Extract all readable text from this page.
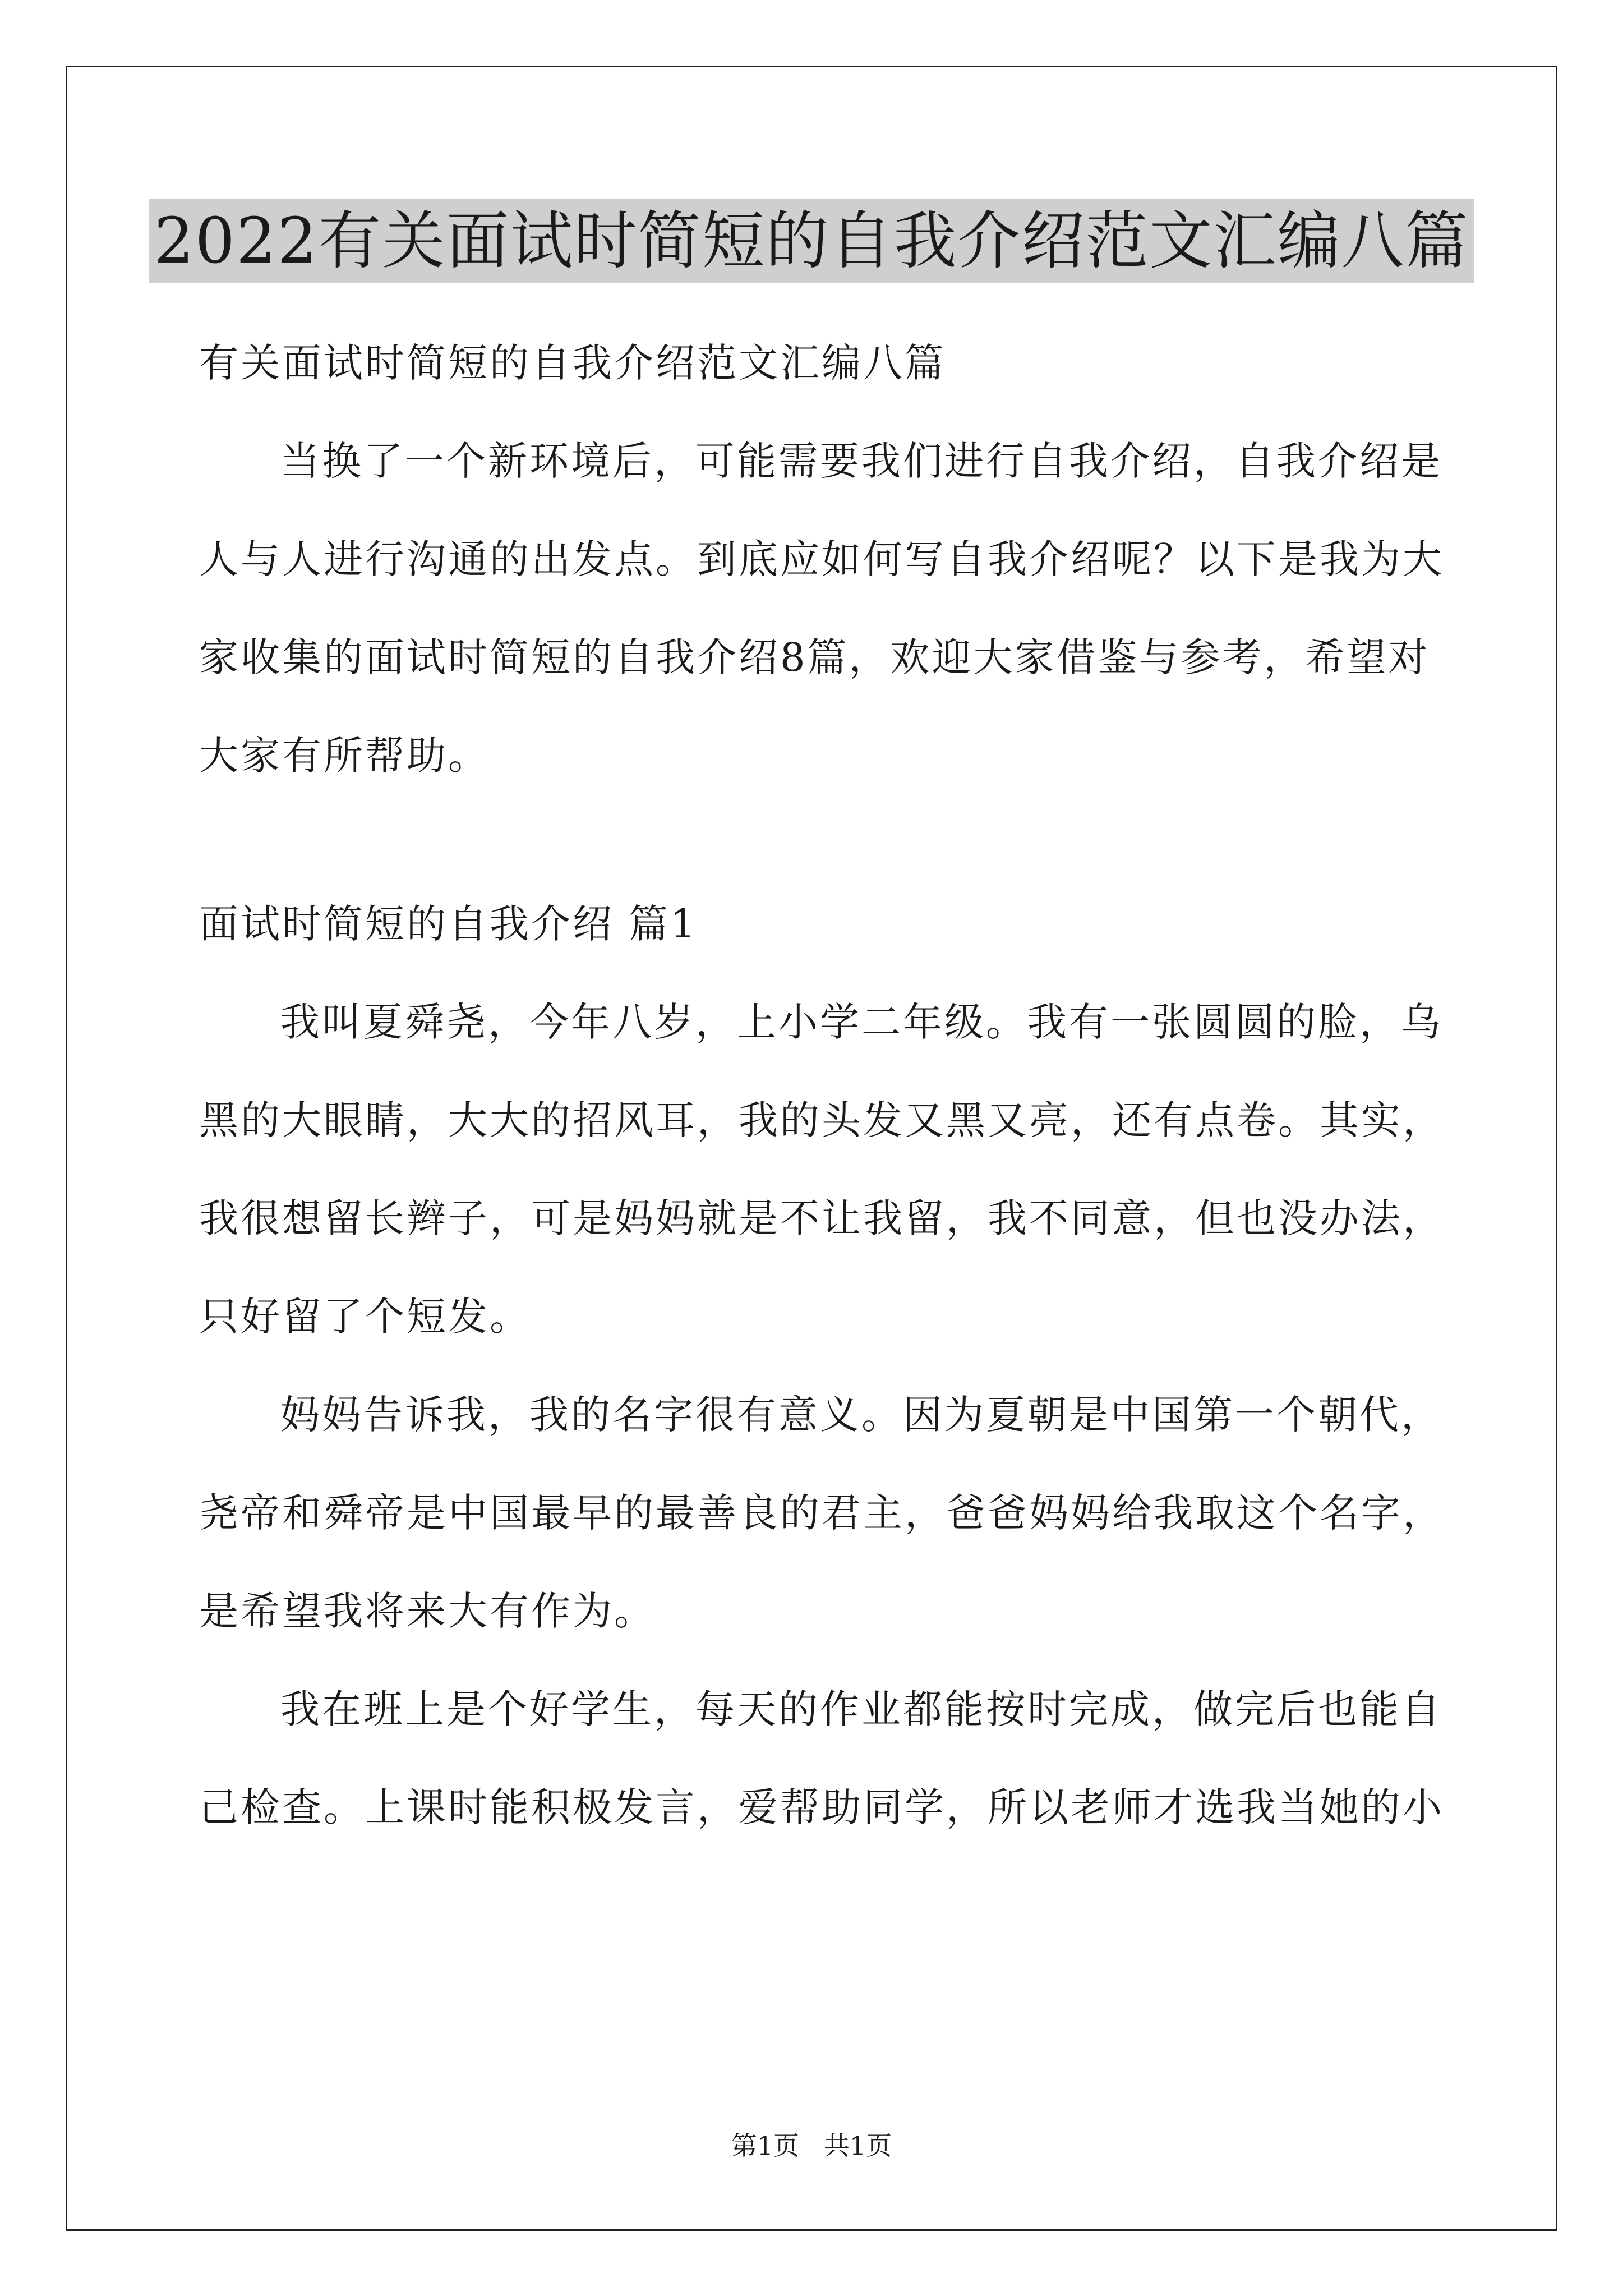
2022有关面试时简短的自我介绍范文汇编八篇
有关面试时简短的自我介绍范文汇编八篇
当换了一个新环境后，可能需要我们进行自我介绍，自我介绍是
人与人进行沟通的出发点。到底应如何写自我介绍呢？以下是我为大
家收集的面试时简短的自我介绍8篇，欢迎大家借鉴与参考，希望对
大家有所帮助。
面试时简短的自我介绍 篇1
我叫夏舜尧，今年八岁，上小学二年级。我有一张圆圆的脸，乌
黑的大眼睛，大大的招风耳，我的头发又黑又亮，还有点卷。其实，
我很想留长辫子，可是妈妈就是不让我留，我不同意，但也没办法，
只好留了个短发。
妈妈告诉我，我的名字很有意义。因为夏朝是中国第一个朝代，
尧帝和舜帝是中国最早的最善良的君主，爸爸妈妈给我取这个名字，
是希望我将来大有作为。
我在班上是个好学生，每天的作业都能按时完成，做完后也能自
己检查。上课时能积极发言，爱帮助同学，所以老师才选我当她的小
第1页   共1页
